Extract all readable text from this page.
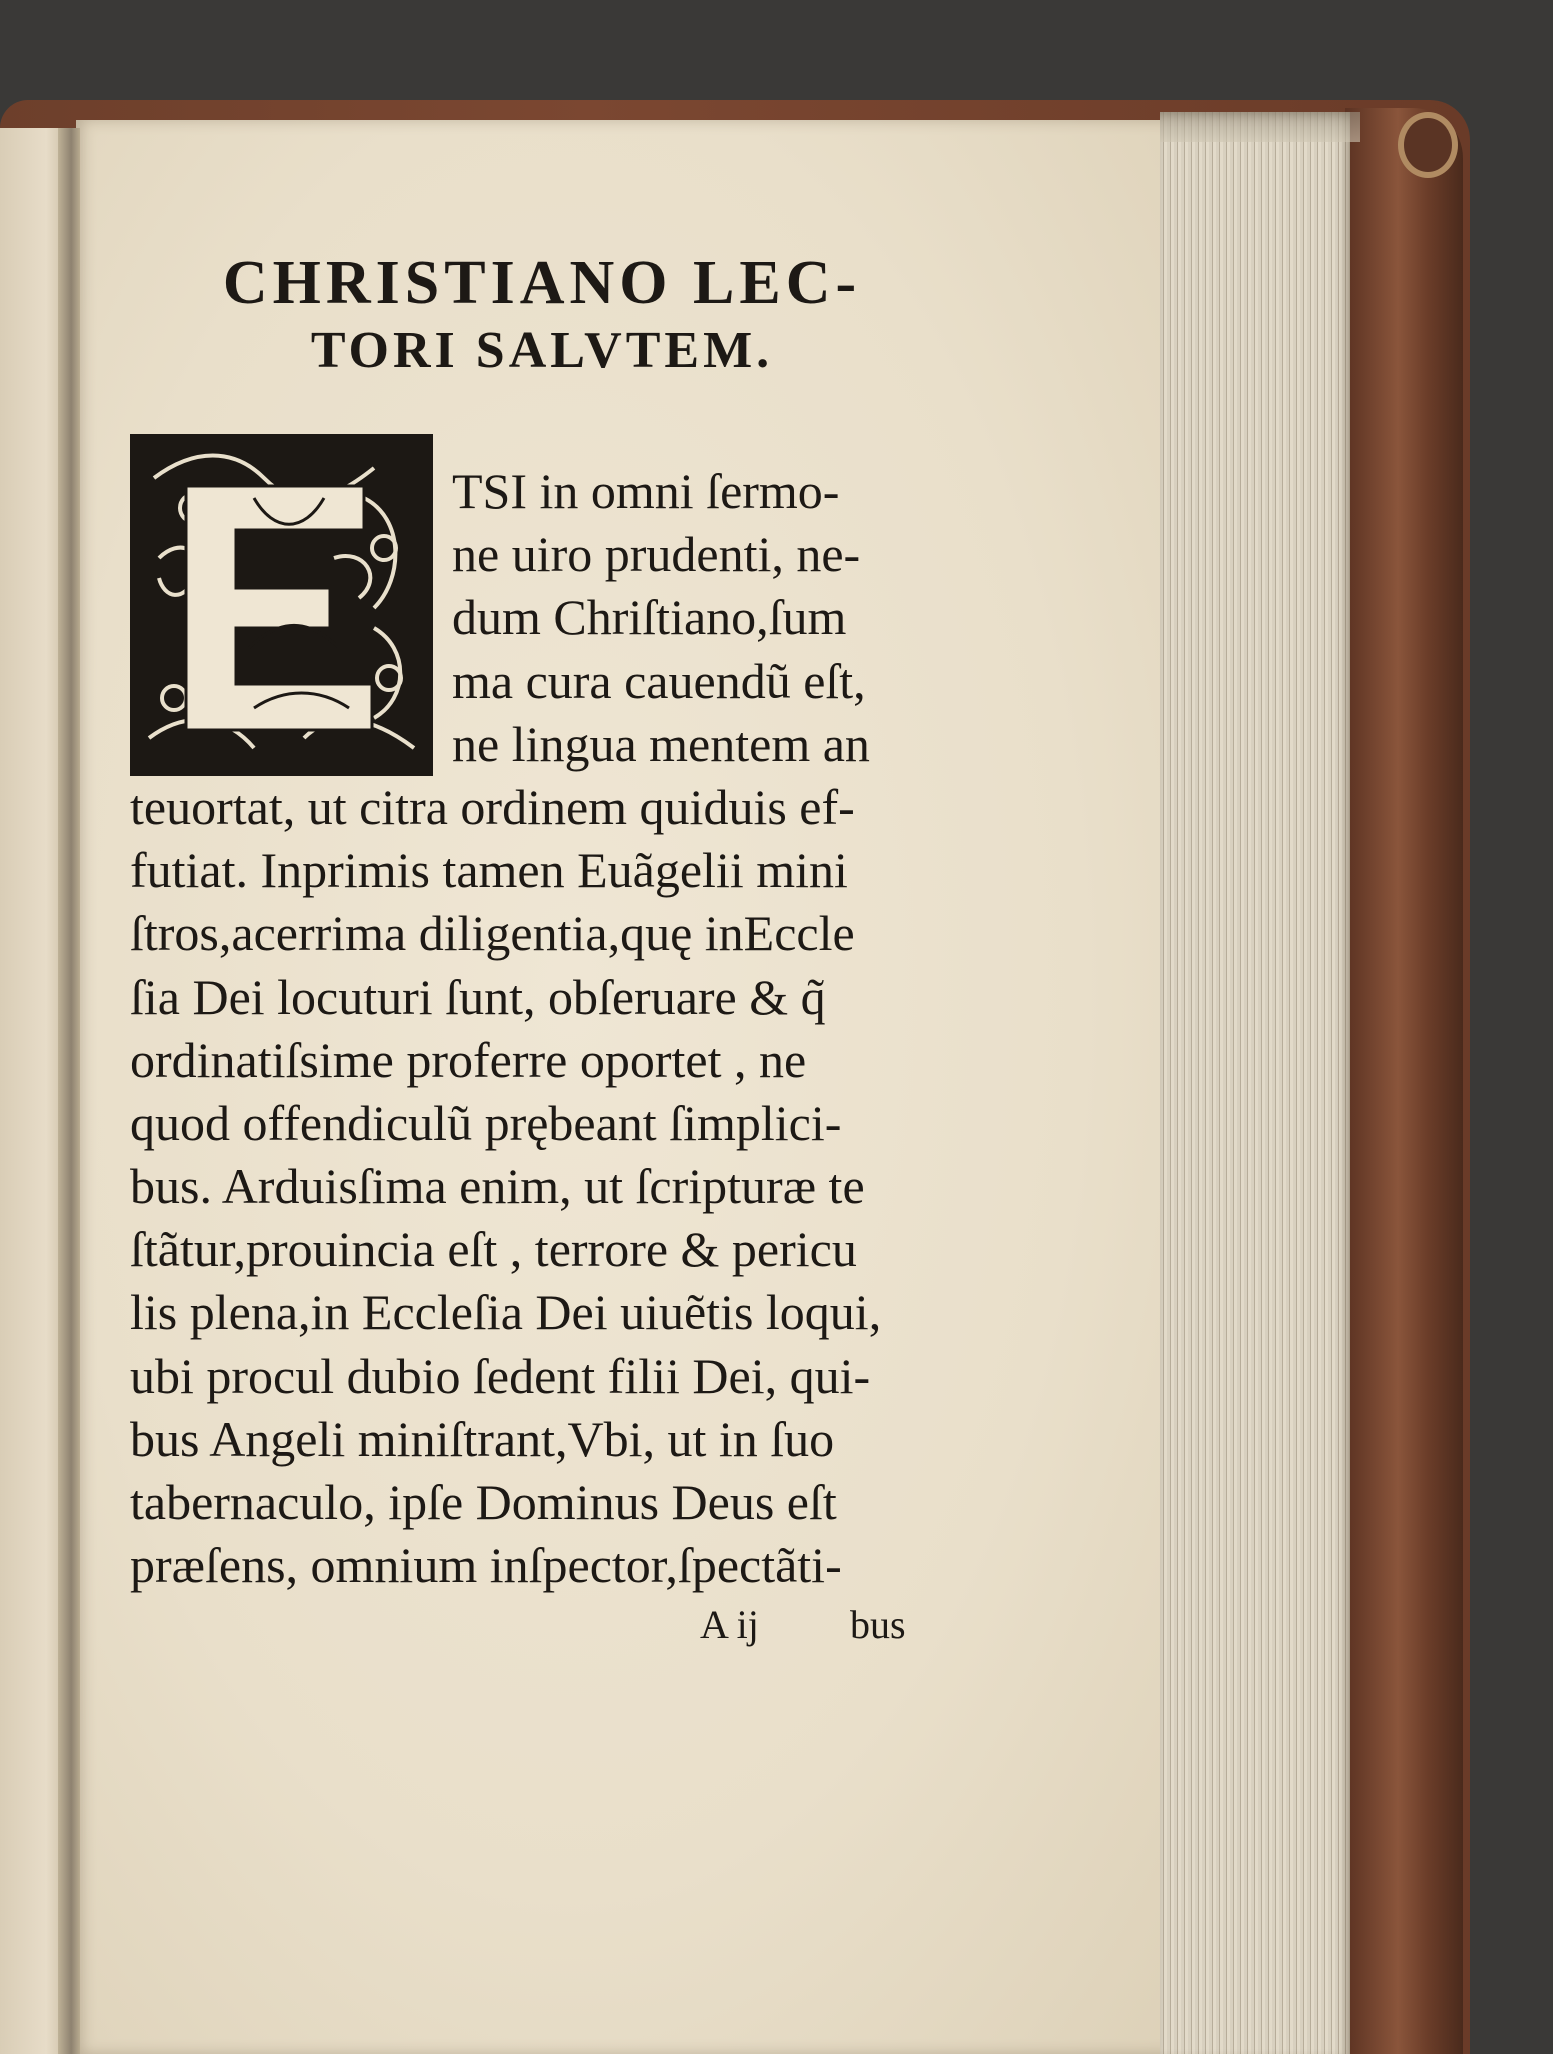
CHRISTIANO LEC-
TORI SALVTEM.
TSI in omni ſermo-
ne uiro prudenti, ne-
dum Chriſtiano,ſum
ma cura cauendũ eſt,
ne lingua mentem an
teuortat, ut citra ordinem quiduis ef-
futiat. Inprimis tamen Euãgelii mini
ſtros,acerrima diligentia,quę inEccle
ſia Dei locuturi ſunt, obſeruare & q̃
ordinatiſsime proferre oportet , ne
quod offendiculũ prębeant ſimplici-
bus. Arduisſima enim, ut ſcripturæ te
ſtãtur,prouincia eſt , terrore & pericu
lis plena,in Eccleſia Dei uiuẽtis loqui,
ubi procul dubio ſedent filii Dei, qui-
bus Angeli miniſtrant,Vbi, ut in ſuo
tabernaculo, ipſe Dominus Deus eſt
præſens, omnium inſpector,ſpectãti-
A ij bus
